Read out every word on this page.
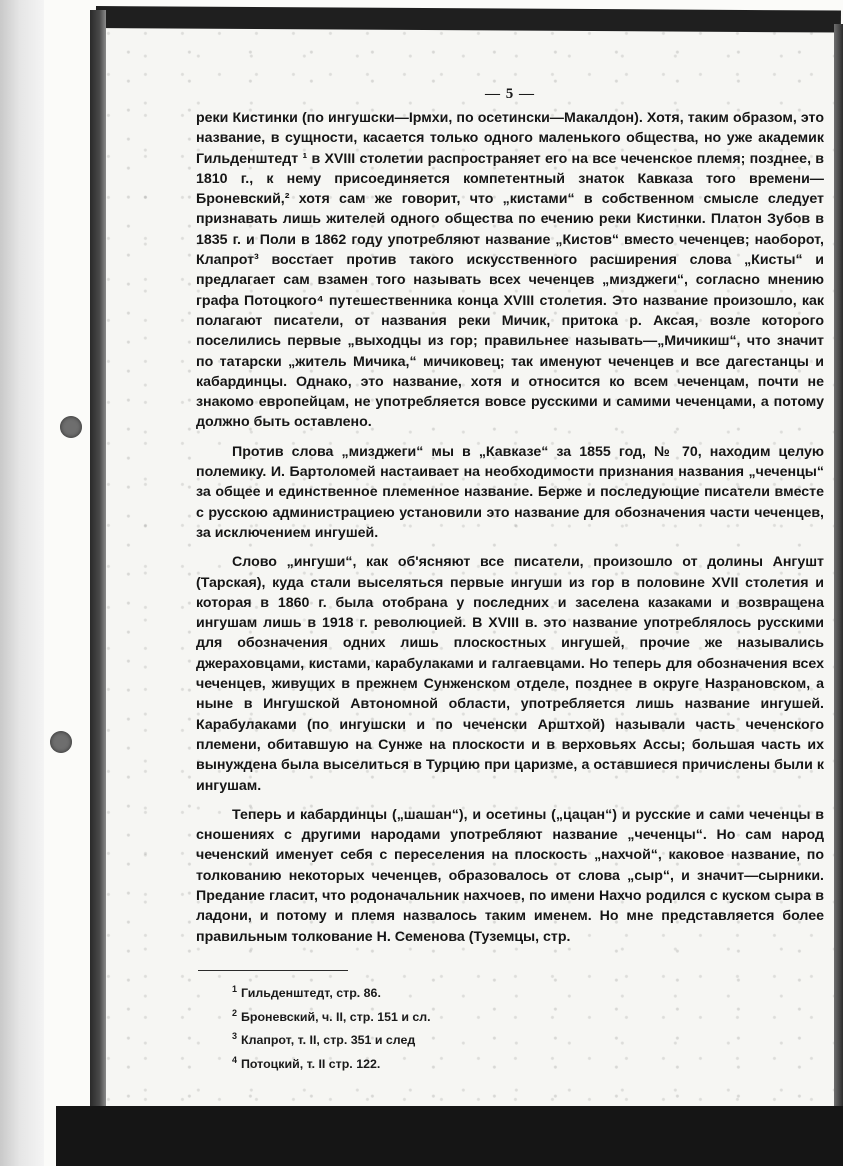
— 5 —

реки Кистинки (по ингушски—Ӏрмхи, по осетински—Макалдон). Хотя, таким образом, это название, в сущности, касается только одного маленького общества, но уже академик Гильденштедт ¹ в XVIII столетии распространяет его на все чеченское племя; позднее, в 1810 г., к нему присоединяется компетентный знаток Кавказа того времени—Броневский,² хотя сам же говорит, что „кистами“ в собственном смысле следует признавать лишь жителей одного общества по ечению реки Кистинки. Платон Зубов в 1835 г. и Поли в 1862 году употребляют название „Кистов“ вместо чеченцев; наоборот, Клапрот³ восстает против такого искусственного расширения слова „Кисты“ и предлагает сам взамен того называть всех чеченцев „мизджеги“, согласно мнению графа Потоцкого⁴ путешественника конца XVIII столетия. Это название произошло, как полагают писатели, от названия реки Мичик, притока р. Аксая, возле которого поселились первые „выходцы из гор; правильнее называть—„Мичикиш“, что значит по татарски „житель Мичика,“ мичиковец; так именуют чеченцев и все дагестанцы и кабардинцы. Однако, это название, хотя и относится ко всем чеченцам, почти не знакомо европейцам, не употребляется вовсе русскими и самими чеченцами, а потому должно быть оставлено.

Против слова „мизджеги“ мы в „Кавказе“ за 1855 год, № 70, находим целую полемику. И. Бартоломей настаивает на необходимости признания названия „чеченцы“ за общее и единственное племенное название. Берже и последующие писатели вместе с русскою администрациею установили это название для обозначения части чеченцев, за исключением ингушей.

Слово „ингуши“, как об'ясняют все писатели, произошло от долины Ангушт (Тарская), куда стали выселяться первые ингуши из гор в половине XVII столетия и которая в 1860 г. была отобрана у последних и заселена казаками и возвращена ингушам лишь в 1918 г. революцией. В XVIII в. это название употреблялось русскими для обозначения одних лишь плоскостных ингушей, прочие же назывались джераховцами, кистами, карабулаками и галгаевцами. Но теперь для обозначения всех чеченцев, живущих в прежнем Сунженском отделе, позднее в округе Назрановском, а ныне в Ингушской Автономной области, употребляется лишь название ингушей. Карабулаками (по ингушски и по чеченски Арштхой) называли часть чеченского племени, обитавшую на Сунже на плоскости и в верховьях Ассы; большая часть их вынуждена была выселиться в Турцию при царизме, а оставшиеся причислены были к ингушам.

Теперь и кабардинцы („шашан“), и осетины („цацан“) и русские и сами чеченцы в сношениях с другими народами употребляют название „чеченцы“. Но сам народ чеченский именует себя с переселения на плоскость „нахчой“, каковое название, по толкованию некоторых чеченцев, образовалось от слова „сыр“, и значит—сырники. Предание гласит, что родоначальник нахчоев, по имени Нахчо родился с куском сыра в ладони, и потому и племя назвалось таким именем. Но мне представляется более правильным толкование Н. Семенова (Туземцы, стр.

$^1$ Гильденштедт, стр. 86.
$^2$ Броневский, ч. II, стр. 151 и сл.
$^3$ Клапрот, т. II, стр. 351 и след
$^4$ Потоцкий, т. II стр. 122.
